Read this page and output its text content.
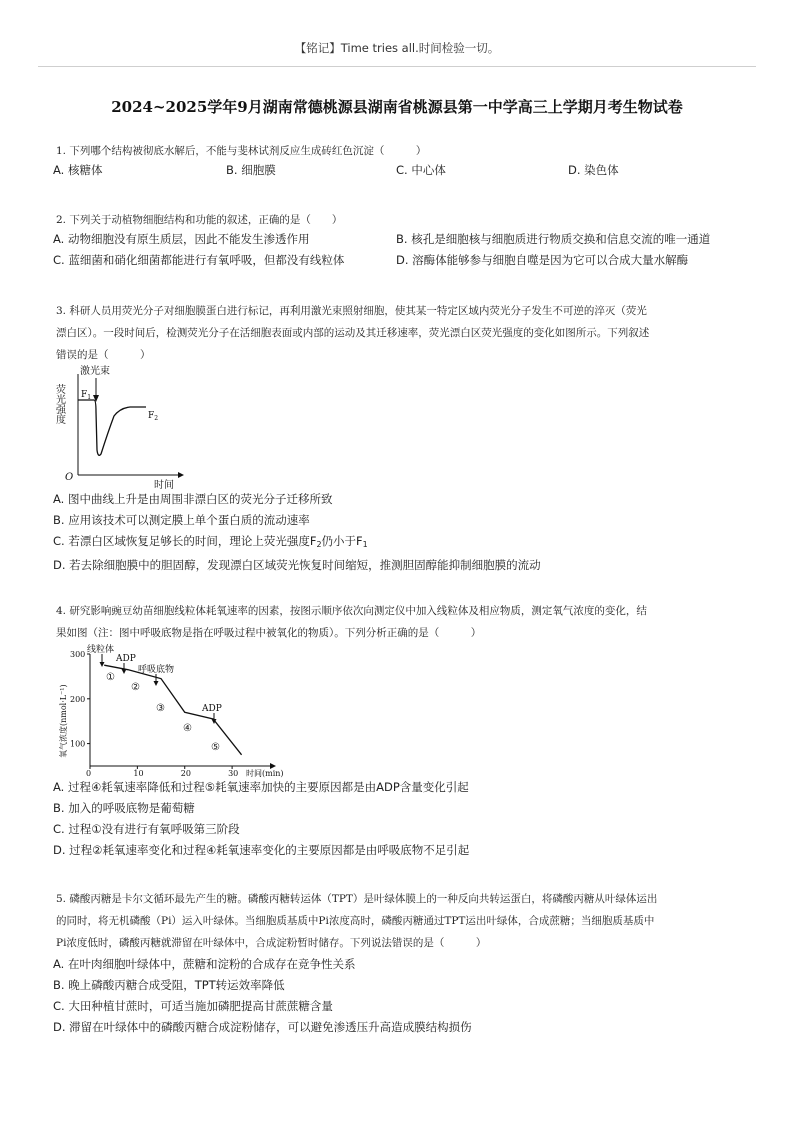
【铭记】Time tries all.时间检验一切。
2024~2025学年9月湖南常德桃源县湖南省桃源县第一中学高三上学期月考生物试卷
1. 下列哪个结构被彻底水解后，不能与斐林试剂反应生成砖红色沉淀（　　　）
A. 核糖体	B. 细胞膜	C. 中心体	D. 染色体
2. 下列关于动植物细胞结构和功能的叙述，正确的是（　　）
A. 动物细胞没有原生质层，因此不能发生渗透作用	B. 核孔是细胞核与细胞质进行物质交换和信息交流的唯一通道
C. 蓝细菌和硝化细菌都能进行有氧呼吸，但都没有线粒体	D. 溶酶体能够参与细胞自噬是因为它可以合成大量水解酶
3. 科研人员用荧光分子对细胞膜蛋白进行标记，再利用激光束照射细胞，使其某一特定区域内荧光分子发生不可逆的淬灭（荧光
漂白区）。一段时间后，检测荧光分子在活细胞表面或内部的运动及其迁移速率，荧光漂白区荧光强度的变化如图所示。下列叙述
错误的是（　　　）
激光束
荧光强度
O
时间
$F_1$
$F_2$
A. 图中曲线上升是由周围非漂白区的荧光分子迁移所致
B. 应用该技术可以测定膜上单个蛋白质的流动速率
C. 若漂白区域恢复足够长的时间，理论上荧光强度$F_2$仍小于$F_1$
D. 若去除细胞膜中的胆固醇，发现漂白区域荧光恢复时间缩短，推测胆固醇能抑制细胞膜的流动
4. 研究影响豌豆幼苗细胞线粒体耗氧速率的因素，按图示顺序依次向测定仪中加入线粒体及相应物质，测定氧气浓度的变化，结
果如图（注：图中呼吸底物是指在呼吸过程中被氧化的物质）。下列分析正确的是（　　　）
氧气浓度(nmol·L⁻¹)
300
200
100
0	10	20	30 时间(min)
线粒体
ADP
呼吸底物
ADP
①
②
③
④
⑤
A. 过程④耗氧速率降低和过程⑤耗氧速率加快的主要原因都是由ADP含量变化引起
B. 加入的呼吸底物是葡萄糖
C. 过程①没有进行有氧呼吸第三阶段
D. 过程②耗氧速率变化和过程④耗氧速率变化的主要原因都是由呼吸底物不足引起
5. 磷酸丙糖是卡尔文循环最先产生的糖。磷酸丙糖转运体（TPT）是叶绿体膜上的一种反向共转运蛋白，将磷酸丙糖从叶绿体运出
的同时，将无机磷酸（Pi）运入叶绿体。当细胞质基质中Pi浓度高时，磷酸丙糖通过TPT运出叶绿体，合成蔗糖；当细胞质基质中
Pi浓度低时，磷酸丙糖就滞留在叶绿体中，合成淀粉暂时储存。下列说法错误的是（　　　）
A. 在叶肉细胞叶绿体中，蔗糖和淀粉的合成存在竞争性关系
B. 晚上磷酸丙糖合成受阻，TPT转运效率降低
C. 大田种植甘蔗时，可适当施加磷肥提高甘蔗蔗糖含量
D. 滞留在叶绿体中的磷酸丙糖合成淀粉储存，可以避免渗透压升高造成膜结构损伤
